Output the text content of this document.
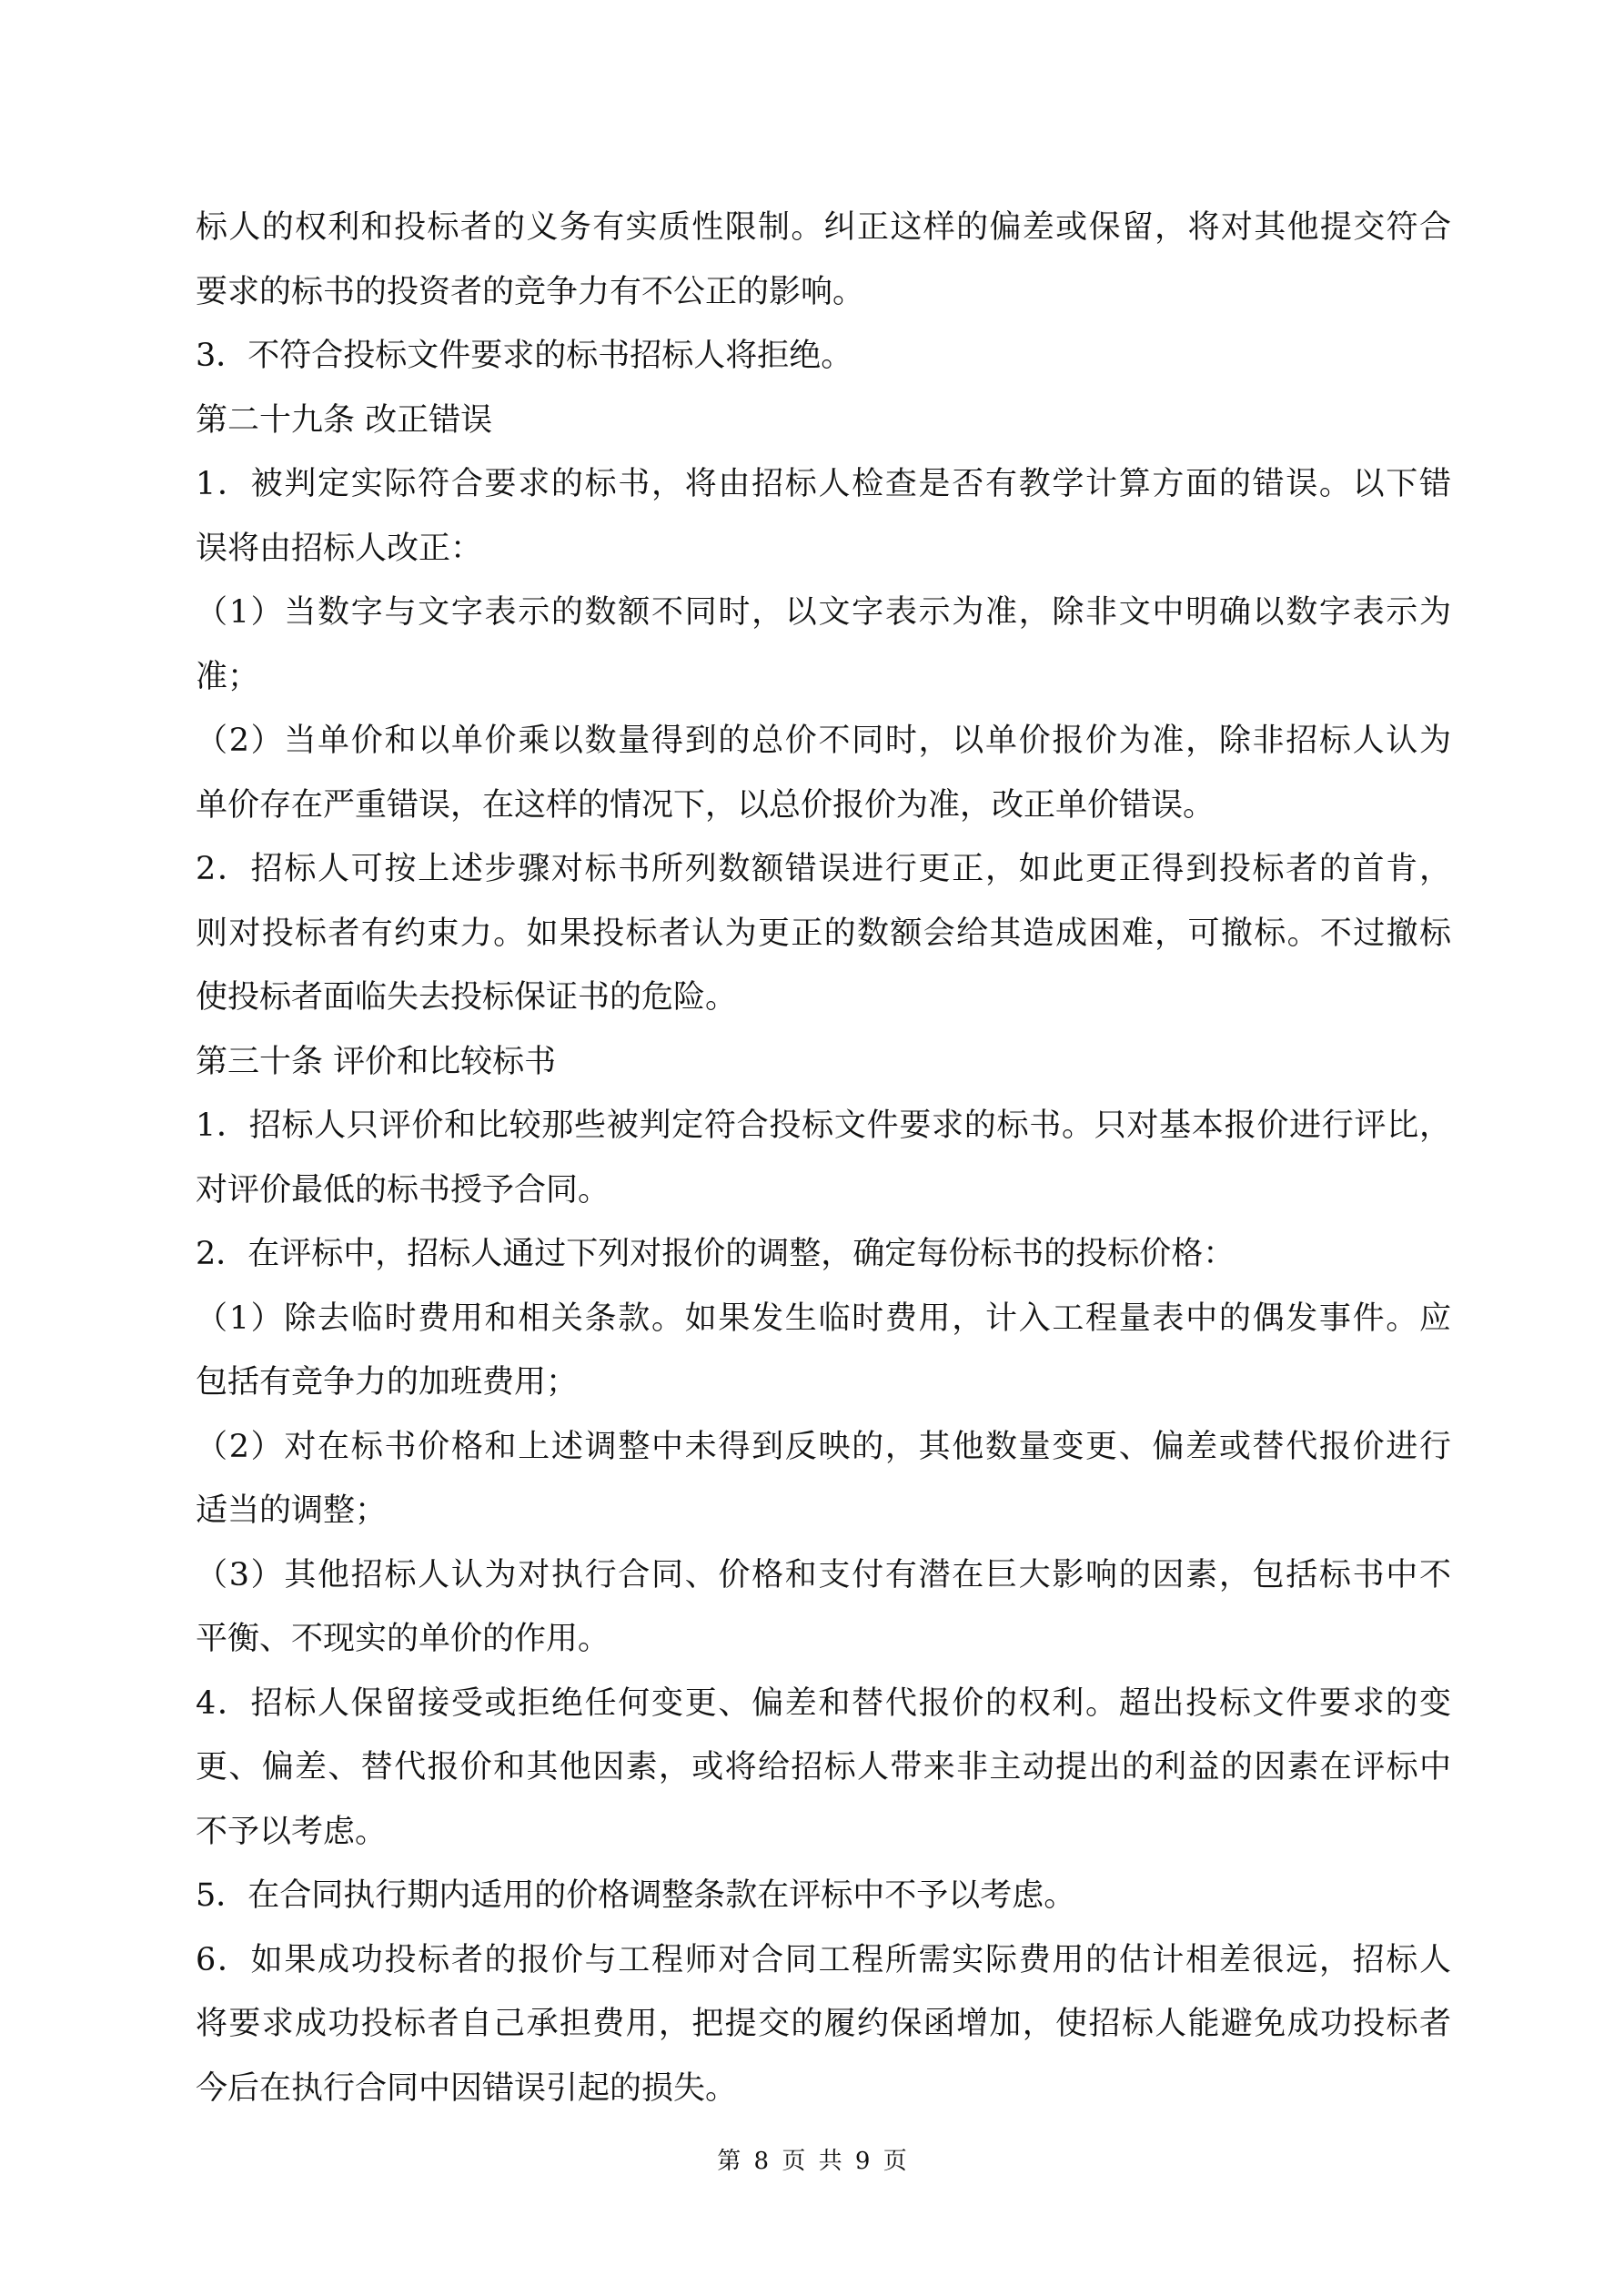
标人的权利和投标者的义务有实质性限制。纠正这样的偏差或保留，将对其他提交符合

要求的标书的投资者的竞争力有不公正的影响。

3．不符合投标文件要求的标书招标人将拒绝。

第二十九条 改正错误

1．被判定实际符合要求的标书，将由招标人检查是否有教学计算方面的错误。以下错

误将由招标人改正：

（1）当数字与文字表示的数额不同时，以文字表示为准，除非文中明确以数字表示为

准；

（2）当单价和以单价乘以数量得到的总价不同时，以单价报价为准，除非招标人认为

单价存在严重错误，在这样的情况下，以总价报价为准，改正单价错误。

2．招标人可按上述步骤对标书所列数额错误进行更正，如此更正得到投标者的首肯，

则对投标者有约束力。如果投标者认为更正的数额会给其造成困难，可撤标。不过撤标

使投标者面临失去投标保证书的危险。

第三十条 评价和比较标书

1．招标人只评价和比较那些被判定符合投标文件要求的标书。只对基本报价进行评比，

对评价最低的标书授予合同。

2．在评标中，招标人通过下列对报价的调整，确定每份标书的投标价格：

（1）除去临时费用和相关条款。如果发生临时费用，计入工程量表中的偶发事件。应

包括有竞争力的加班费用；

（2）对在标书价格和上述调整中未得到反映的，其他数量变更、偏差或替代报价进行

适当的调整；

（3）其他招标人认为对执行合同、价格和支付有潜在巨大影响的因素，包括标书中不

平衡、不现实的单价的作用。

4．招标人保留接受或拒绝任何变更、偏差和替代报价的权利。超出投标文件要求的变

更、偏差、替代报价和其他因素，或将给招标人带来非主动提出的利益的因素在评标中

不予以考虑。

5．在合同执行期内适用的价格调整条款在评标中不予以考虑。

6．如果成功投标者的报价与工程师对合同工程所需实际费用的估计相差很远，招标人

将要求成功投标者自己承担费用，把提交的履约保函增加，使招标人能避免成功投标者

今后在执行合同中因错误引起的损失。

第 8 页 共 9 页
